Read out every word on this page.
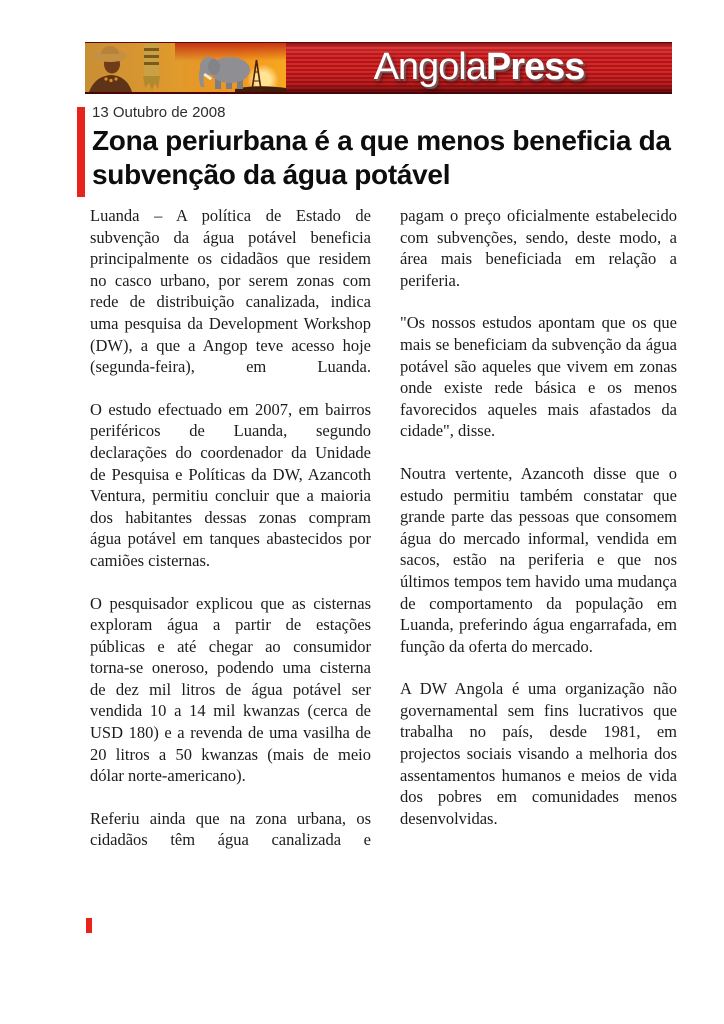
Angola Press
13 Outubro de 2008
Zona periurbana é a que menos beneficia da subvenção da água potável

Luanda – A política de Estado de subvenção da água potável beneficia principalmente os cidadãos que residem no casco urbano, por serem zonas com rede de distribuição canalizada, indica uma pesquisa da Development Workshop (DW), a que a Angop teve acesso hoje (segunda-feira), em Luanda.

O estudo efectuado em 2007, em bairros periféricos de Luanda, segundo declarações do coordenador da Unidade de Pesquisa e Políticas da DW, Azancoth Ventura, permitiu concluir que a maioria dos habitantes dessas zonas compram água potável em tanques abastecidos por camiões cisternas.

O pesquisador explicou que as cisternas exploram água a partir de estações públicas e até chegar ao consumidor torna-se oneroso, podendo uma cisterna de dez mil litros de água potável ser vendida 10 a 14 mil kwanzas (cerca de USD 180) e a revenda de uma vasilha de 20 litros a 50 kwanzas (mais de meio dólar norte-americano).

Referiu ainda que na zona urbana, os cidadãos têm água canalizada e

pagam o preço oficialmente estabelecido com subvenções, sendo, deste modo, a área mais beneficiada em relação a periferia.

"Os nossos estudos apontam que os que mais se beneficiam da subvenção da água potável são aqueles que vivem em zonas onde existe rede básica e os menos favorecidos aqueles mais afastados da cidade", disse.

Noutra vertente, Azancoth disse que o estudo permitiu também constatar que grande parte das pessoas que consomem água do mercado informal, vendida em sacos, estão na periferia e que nos últimos tempos tem havido uma mudança de comportamento da população em Luanda, preferindo água engarrafada, em função da oferta do mercado.

A DW Angola é uma organização não governamental sem fins lucrativos que trabalha no país, desde 1981, em projectos sociais visando a melhoria dos assentamentos humanos e meios de vida dos pobres em comunidades menos desenvolvidas.
